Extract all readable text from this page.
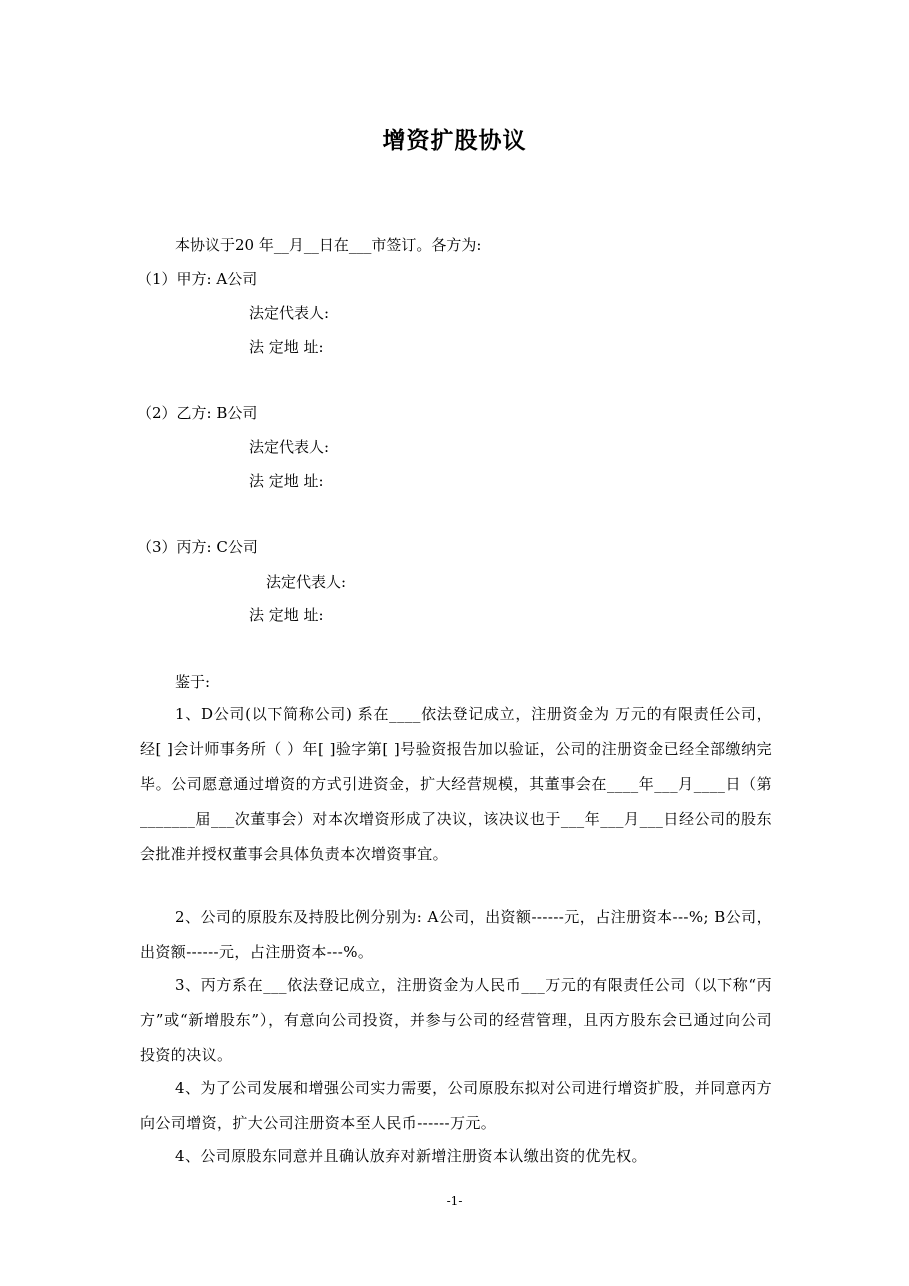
增资扩股协议
本协议于20 年__月__日在___市签订。各方为:
（1）甲方: A公司
法定代表人:
法 定地 址:
（2）乙方: B公司
法定代表人:
法 定地 址:
（3）丙方: C公司
法定代表人:
法 定地 址:
鉴于:
1、D公司(以下简称公司) 系在____依法登记成立，注册资金为 万元的有限责任公司，经[ ]会计师事务所（ ）年[ ]验字第[ ]号验资报告加以验证，公司的注册资金已经全部缴纳完毕。公司愿意通过增资的方式引进资金，扩大经营规模，其董事会在____年___月____日（第_______届___次董事会）对本次增资形成了决议，该决议也于___年___月___日经公司的股东会批准并授权董事会具体负责本次增资事宜。
2、公司的原股东及持股比例分别为: A公司，出资额------元，占注册资本---%; B公司，出资额------元，占注册资本---%。
3、丙方系在___依法登记成立，注册资金为人民币___万元的有限责任公司（以下称“丙方”或“新增股东”），有意向公司投资，并参与公司的经营管理，且丙方股东会已通过向公司投资的决议。
4、为了公司发展和增强公司实力需要，公司原股东拟对公司进行增资扩股，并同意丙方向公司增资，扩大公司注册资本至人民币------万元。
4、公司原股东同意并且确认放弃对新增注册资本认缴出资的优先权。
-1-
